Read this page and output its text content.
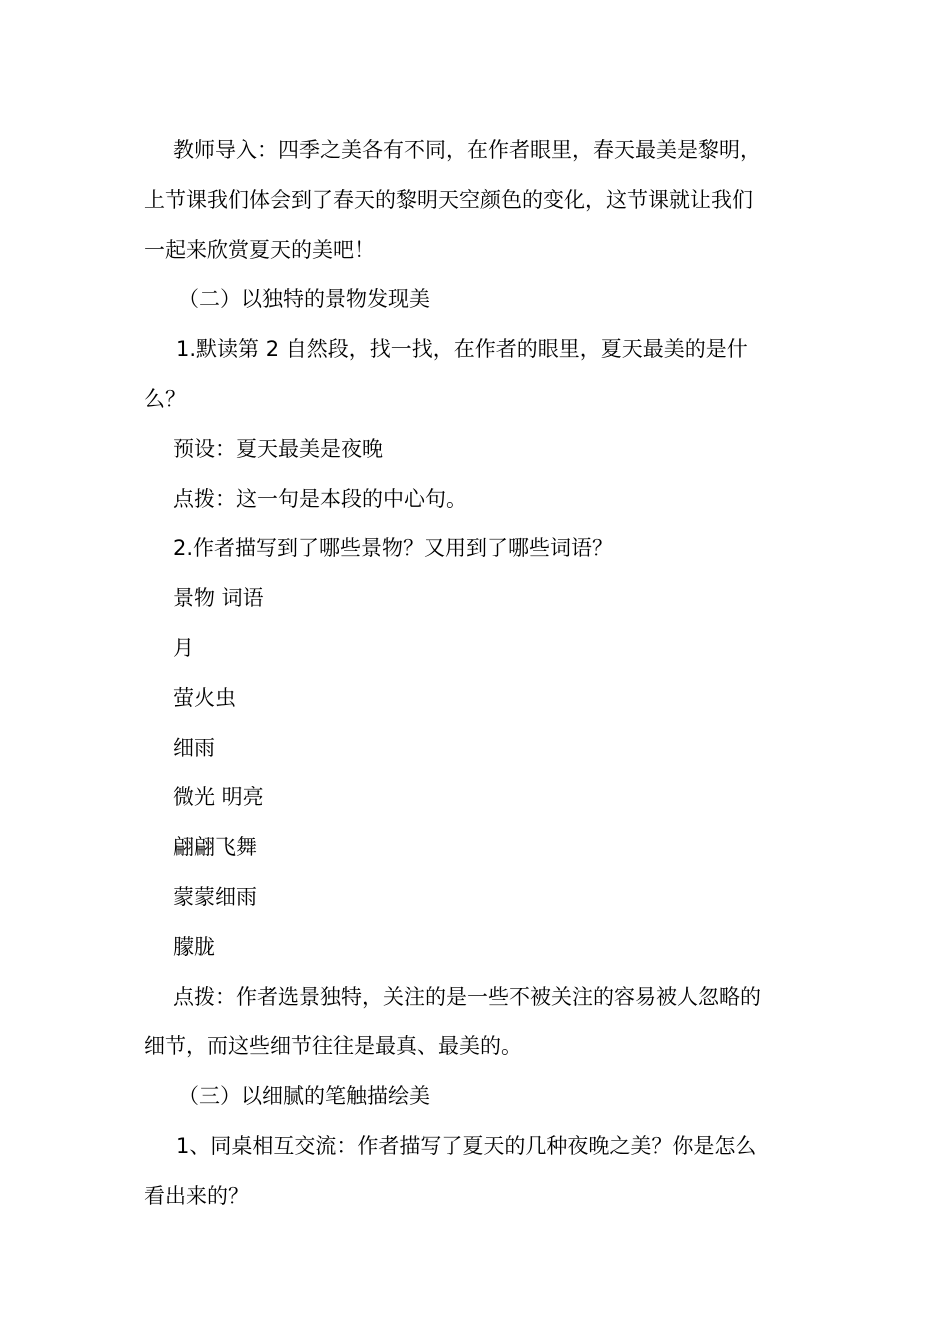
教师导入：四季之美各有不同，在作者眼里，春天最美是黎明，

上节课我们体会到了春天的黎明天空颜色的变化，这节课就让我们

一起来欣赏夏天的美吧！

（二）以独特的景物发现美

1.默读第 2 自然段，找一找，在作者的眼里，夏天最美的是什

么？

预设：夏天最美是夜晚

点拨：这一句是本段的中心句。

2.作者描写到了哪些景物？又用到了哪些词语？

景物 词语

月

萤火虫

细雨

微光 明亮

翩翩飞舞

蒙蒙细雨

朦胧

点拨：作者选景独特，关注的是一些不被关注的容易被人忽略的

细节，而这些细节往往是最真、最美的。

（三）以细腻的笔触描绘美

1、同桌相互交流：作者描写了夏天的几种夜晚之美？你是怎么

看出来的？
